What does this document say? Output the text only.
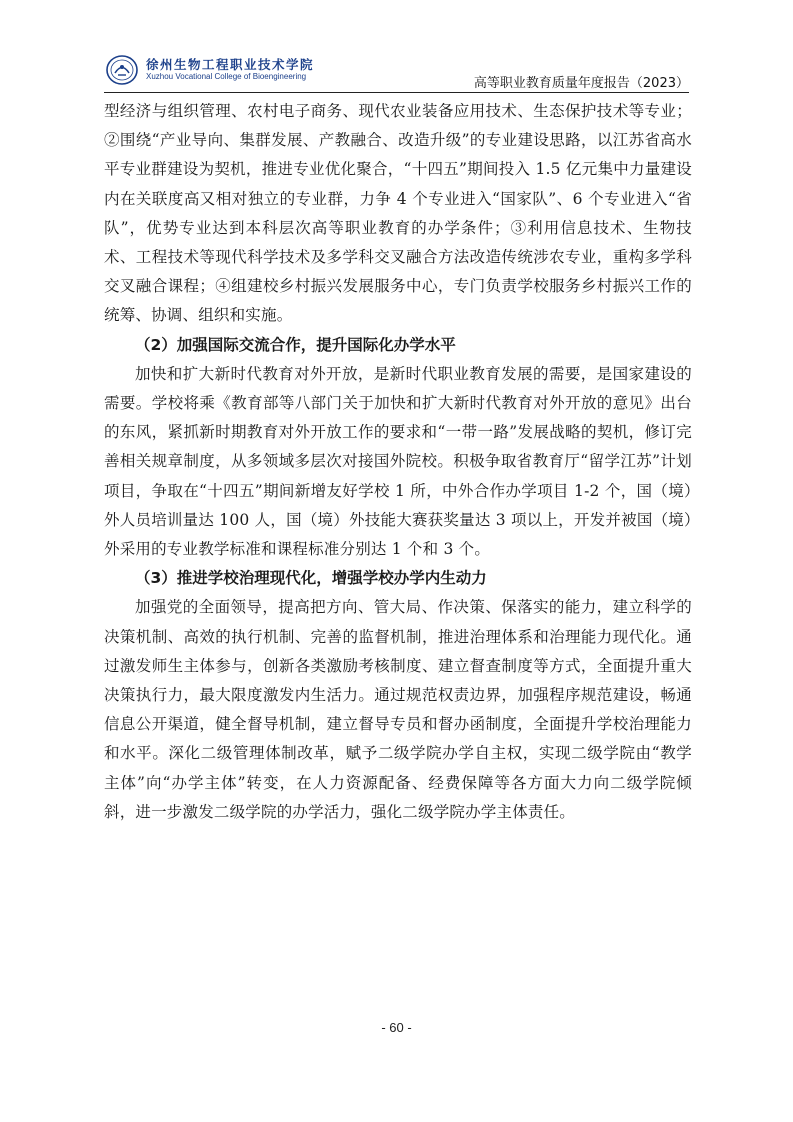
徐州生物工程职业技术学院
Xuzhou Vocational College of Bioengineering	高等职业教育质量年度报告（2023）

型经济与组织管理、农村电子商务、现代农业装备应用技术、生态保护技术等专业；②围绕“产业导向、集群发展、产教融合、改造升级”的专业建设思路，以江苏省高水平专业群建设为契机，推进专业优化聚合，“十四五”期间投入 1.5 亿元集中力量建设内在关联度高又相对独立的专业群，力争 4 个专业进入“国家队”、6 个专业进入“省队”，优势专业达到本科层次高等职业教育的办学条件；③利用信息技术、生物技术、工程技术等现代科学技术及多学科交叉融合方法改造传统涉农专业，重构多学科交叉融合课程；④组建校乡村振兴发展服务中心，专门负责学校服务乡村振兴工作的统筹、协调、组织和实施。

（2）加强国际交流合作，提升国际化办学水平

加快和扩大新时代教育对外开放，是新时代职业教育发展的需要，是国家建设的需要。学校将乘《教育部等八部门关于加快和扩大新时代教育对外开放的意见》出台的东风，紧抓新时期教育对外开放工作的要求和“一带一路”发展战略的契机，修订完善相关规章制度，从多领域多层次对接国外院校。积极争取省教育厅“留学江苏”计划项目，争取在“十四五”期间新增友好学校 1 所，中外合作办学项目 1-2 个，国（境）外人员培训量达 100 人，国（境）外技能大赛获奖量达 3 项以上，开发并被国（境）外采用的专业教学标准和课程标准分别达 1 个和 3 个。

（3）推进学校治理现代化，增强学校办学内生动力

加强党的全面领导，提高把方向、管大局、作决策、保落实的能力，建立科学的决策机制、高效的执行机制、完善的监督机制，推进治理体系和治理能力现代化。通过激发师生主体参与，创新各类激励考核制度、建立督查制度等方式，全面提升重大决策执行力，最大限度激发内生活力。通过规范权责边界，加强程序规范建设，畅通信息公开渠道，健全督导机制，建立督导专员和督办函制度，全面提升学校治理能力和水平。深化二级管理体制改革，赋予二级学院办学自主权，实现二级学院由“教学主体”向“办学主体”转变，在人力资源配备、经费保障等各方面大力向二级学院倾斜，进一步激发二级学院的办学活力，强化二级学院办学主体责任。

- 60 -
